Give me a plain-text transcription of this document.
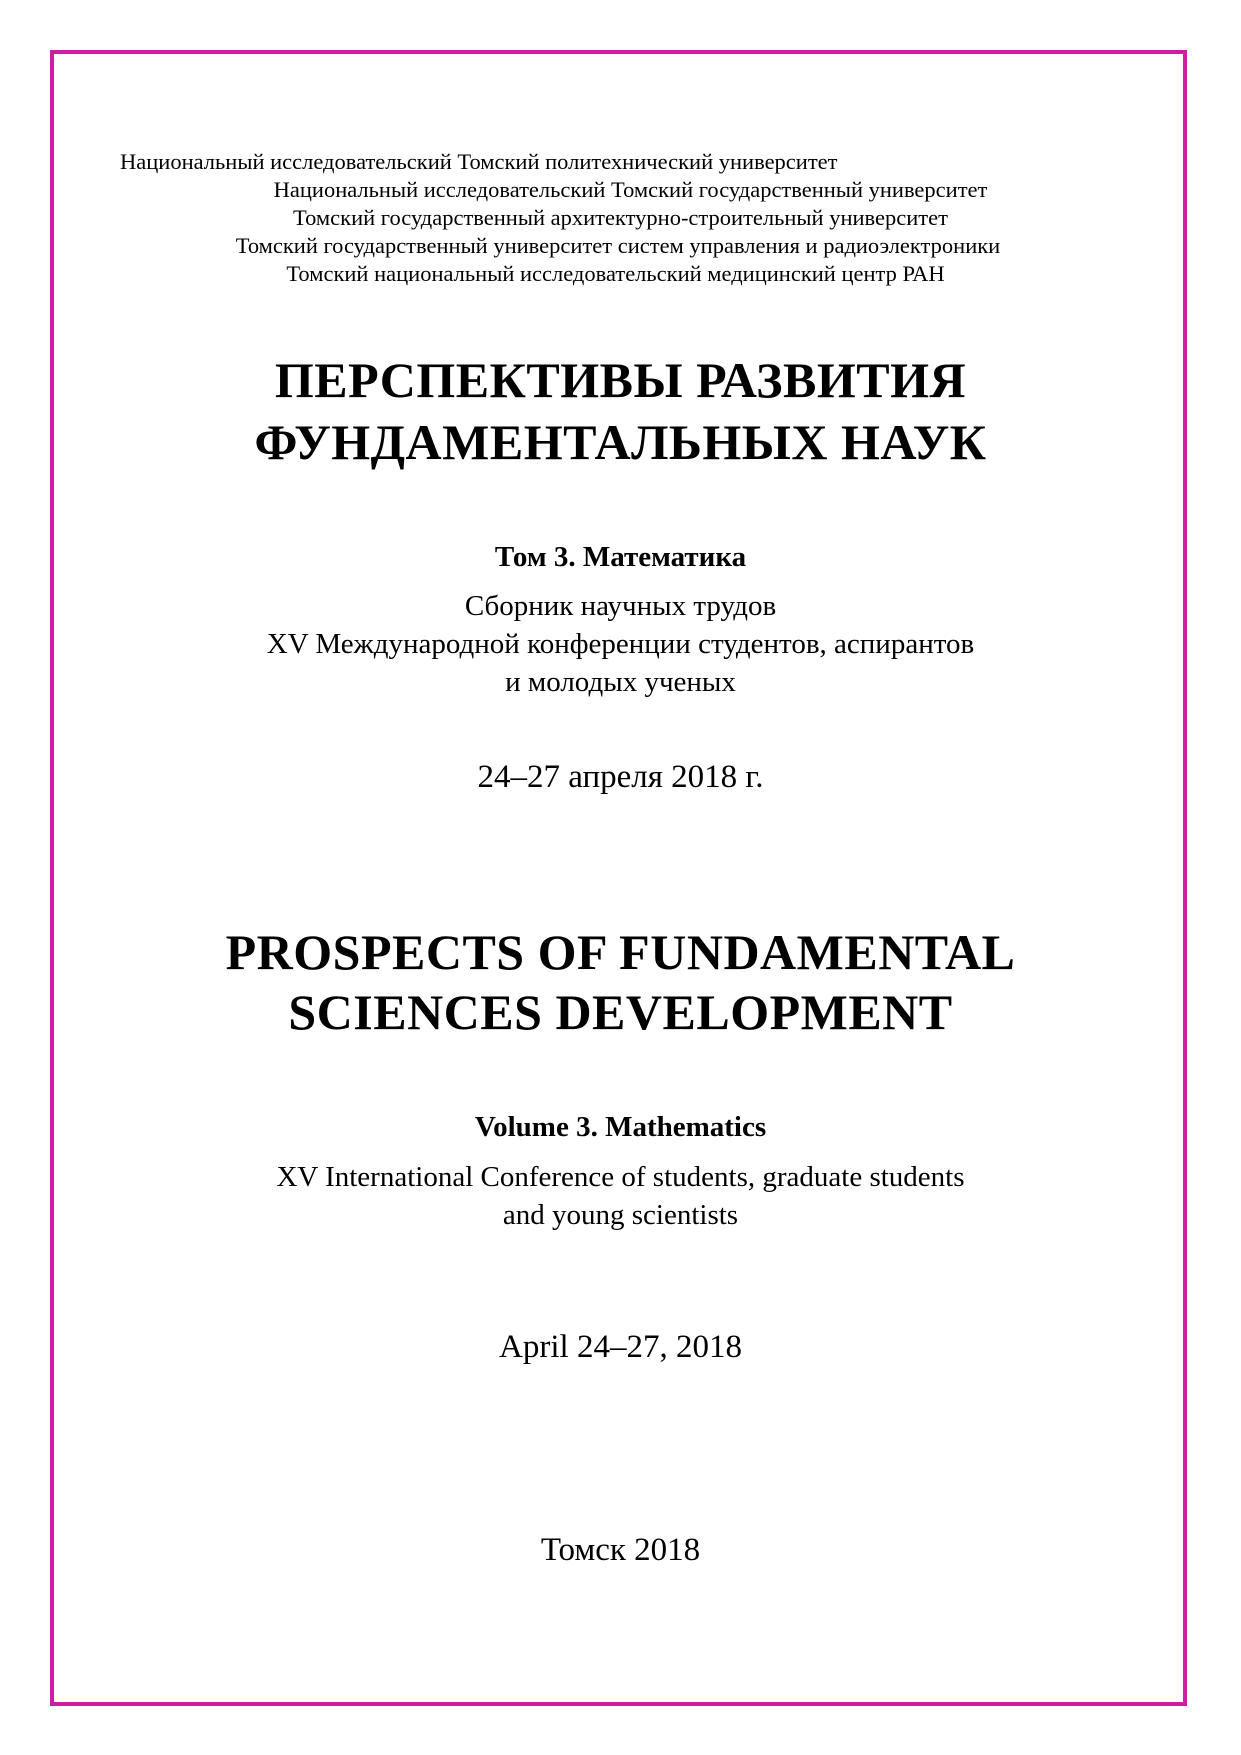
Национальный исследовательский Томский политехнический университет
Национальный исследовательский Томский государственный университет
Томский государственный архитектурно-строительный университет
Томский государственный университет систем управления и радиоэлектроники
Томский национальный исследовательский медицинский центр РАН
ПЕРСПЕКТИВЫ РАЗВИТИЯ
ФУНДАМЕНТАЛЬНЫХ НАУК
Том 3. Математика
Сборник научных трудов
XV Международной конференции студентов, аспирантов
и молодых ученых
24–27 апреля 2018 г.
PROSPECTS OF FUNDAMENTAL
SCIENCES DEVELOPMENT
Volume 3. Mathematics
XV International Conference of students, graduate students
and young scientists
April 24–27, 2018
Томск 2018
